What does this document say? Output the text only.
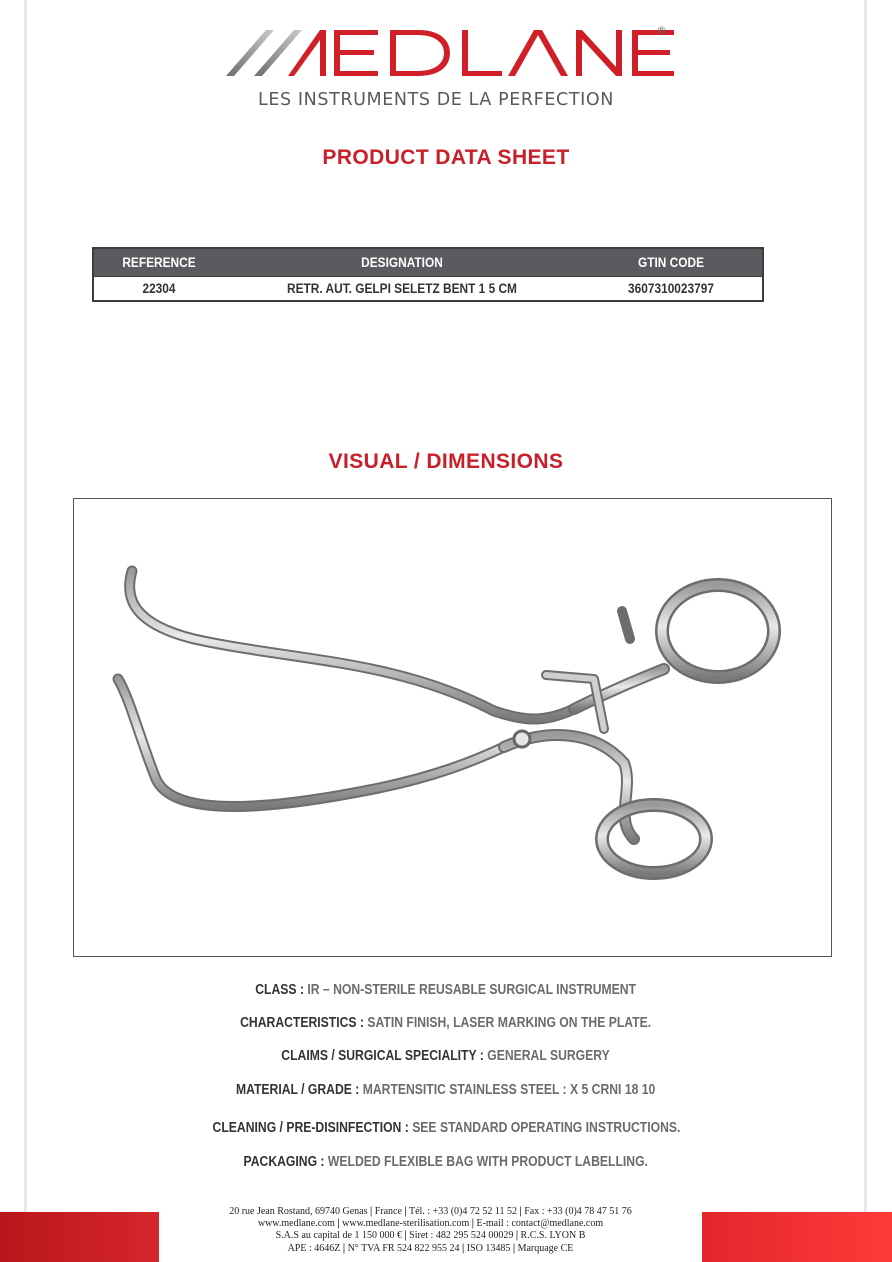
®
LES INSTRUMENTS DE LA PERFECTION
PRODUCT DATA SHEET
REFERENCE	DESIGNATION	GTIN CODE
22304	RETR. AUT. GELPI SELETZ BENT 1 5 CM	3607310023797
VISUAL / DIMENSIONS
CLASS : IR – NON-STERILE REUSABLE SURGICAL INSTRUMENT
CHARACTERISTICS : SATIN FINISH, LASER MARKING ON THE PLATE.
CLAIMS / SURGICAL SPECIALITY : GENERAL SURGERY
MATERIAL / GRADE : MARTENSITIC STAINLESS STEEL : X 5 CRNI 18 10
CLEANING / PRE-DISINFECTION : SEE STANDARD OPERATING INSTRUCTIONS.
PACKAGING : WELDED FLEXIBLE BAG WITH PRODUCT LABELLING.
20 rue Jean Rostand, 69740 Genas | France | Tél. : +33 (0)4 72 52 11 52 | Fax : +33 (0)4 78 47 51 76
www.medlane.com | www.medlane-sterilisation.com | E-mail : contact@medlane.com
S.A.S au capital de 1 150 000 € | Siret : 482 295 524 00029 | R.C.S. LYON B
APE : 4646Z | N° TVA FR 524 822 955 24 | ISO 13485 | Marquage CE
